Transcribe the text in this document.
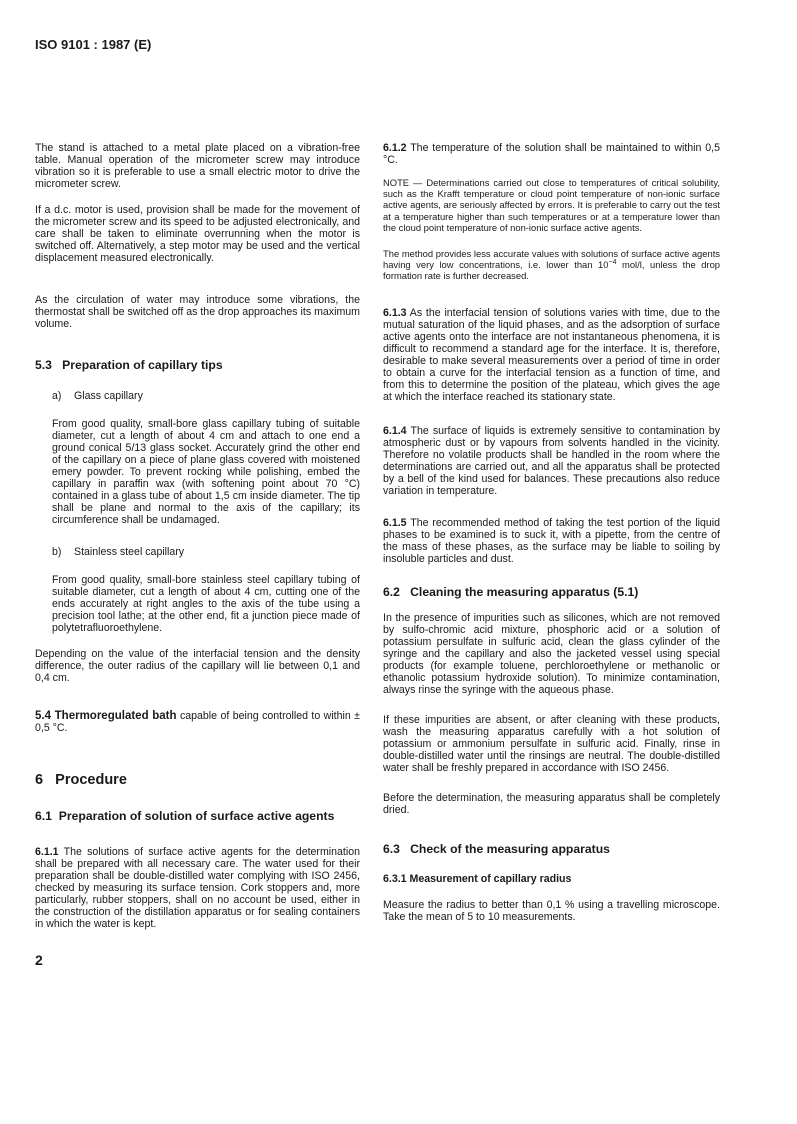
ISO 9101 : 1987 (E)

The stand is attached to a metal plate placed on a vibration-free table. Manual operation of the micrometer screw may introduce vibration so it is preferable to use a small electric motor to drive the micrometer screw.

If a d.c. motor is used, provision shall be made for the movement of the micrometer screw and its speed to be adjusted electronically, and care shall be taken to eliminate overrunning when the motor is switched off. Alternatively, a step motor may be used and the vertical displacement measured electronically.

As the circulation of water may introduce some vibrations, the thermostat shall be switched off as the drop approaches its maximum volume.

5.3 Preparation of capillary tips

a) Glass capillary

From good quality, small-bore glass capillary tubing of suitable diameter, cut a length of about 4 cm and attach to one end a ground conical 5/13 glass socket. Accurately grind the other end of the capillary on a piece of plane glass covered with moistened emery powder. To prevent rocking while polishing, embed the capillary in paraffin wax (with softening point about 70 °C) contained in a glass tube of about 1,5 cm inside diameter. The tip shall be plane and normal to the axis of the capillary; its circumference shall be undamaged.

b) Stainless steel capillary

From good quality, small-bore stainless steel capillary tubing of suitable diameter, cut a length of about 4 cm, cutting one of the ends accurately at right angles to the axis of the tube using a precision tool lathe; at the other end, fit a junction piece made of polytetrafluoroethylene.

Depending on the value of the interfacial tension and the density difference, the outer radius of the capillary will lie between 0,1 and 0,4 cm.

5.4 Thermoregulated bath capable of being controlled to within ± 0,5 °C.

6 Procedure
6.1 Preparation of solution of surface active agents

6.1.1 The solutions of surface active agents for the determination shall be prepared with all necessary care. The water used for their preparation shall be double-distilled water complying with ISO 2456, checked by measuring its surface tension. Cork stoppers and, more particularly, rubber stoppers, shall on no account be used, either in the construction of the distillation apparatus or for sealing containers in which the water is kept.

2

6.1.2 The temperature of the solution shall be maintained to within 0,5 °C.

NOTE — Determinations carried out close to temperatures of critical solubility, such as the Krafft temperature or cloud point temperature of non-ionic surface active agents, are seriously affected by errors. It is preferable to carry out the test at a temperature higher than such temperatures or at a temperature lower than the cloud point temperature of non-ionic surface active agents.

The method provides less accurate values with solutions of surface active agents having very low concentrations, i.e. lower than $10^{-4}$ mol/l, unless the drop formation rate is further decreased.

6.1.3 As the interfacial tension of solutions varies with time, due to the mutual saturation of the liquid phases, and as the adsorption of surface active agents onto the interface are not instantaneous phenomena, it is difficult to recommend a standard age for the interface. It is, therefore, desirable to make several measurements over a period of time in order to obtain a curve for the interfacial tension as a function of time, and from this to determine the position of the plateau, which gives the age at which the interface reached its stationary state.

6.1.4 The surface of liquids is extremely sensitive to contamination by atmospheric dust or by vapours from solvents handled in the vicinity. Therefore no volatile products shall be handled in the room where the determinations are carried out, and all the apparatus shall be protected by a bell of the kind used for balances. These precautions also reduce variation in temperature.

6.1.5 The recommended method of taking the test portion of the liquid phases to be examined is to suck it, with a pipette, from the centre of the mass of these phases, as the surface may be liable to soiling by insoluble particles and dust.

6.2 Cleaning the measuring apparatus (5.1)

In the presence of impurities such as silicones, which are not removed by sulfo-chromic acid mixture, phosphoric acid or a solution of potassium persulfate in sulfuric acid, clean the glass cylinder of the syringe and the capillary and also the jacketed vessel using special products (for example toluene, perchloroethylene or methanolic or ethanolic potassium hydroxide solution). To minimize contamination, always rinse the syringe with the aqueous phase.

If these impurities are absent, or after cleaning with these products, wash the measuring apparatus carefully with a hot solution of potassium or ammonium persulfate in sulfuric acid. Finally, rinse in double-distilled water until the rinsings are neutral. The double-distilled water shall be freshly prepared in accordance with ISO 2456.

Before the determination, the measuring apparatus shall be completely dried.

6.3 Check of the measuring apparatus

6.3.1 Measurement of capillary radius

Measure the radius to better than 0,1 % using a travelling microscope. Take the mean of 5 to 10 measurements.
